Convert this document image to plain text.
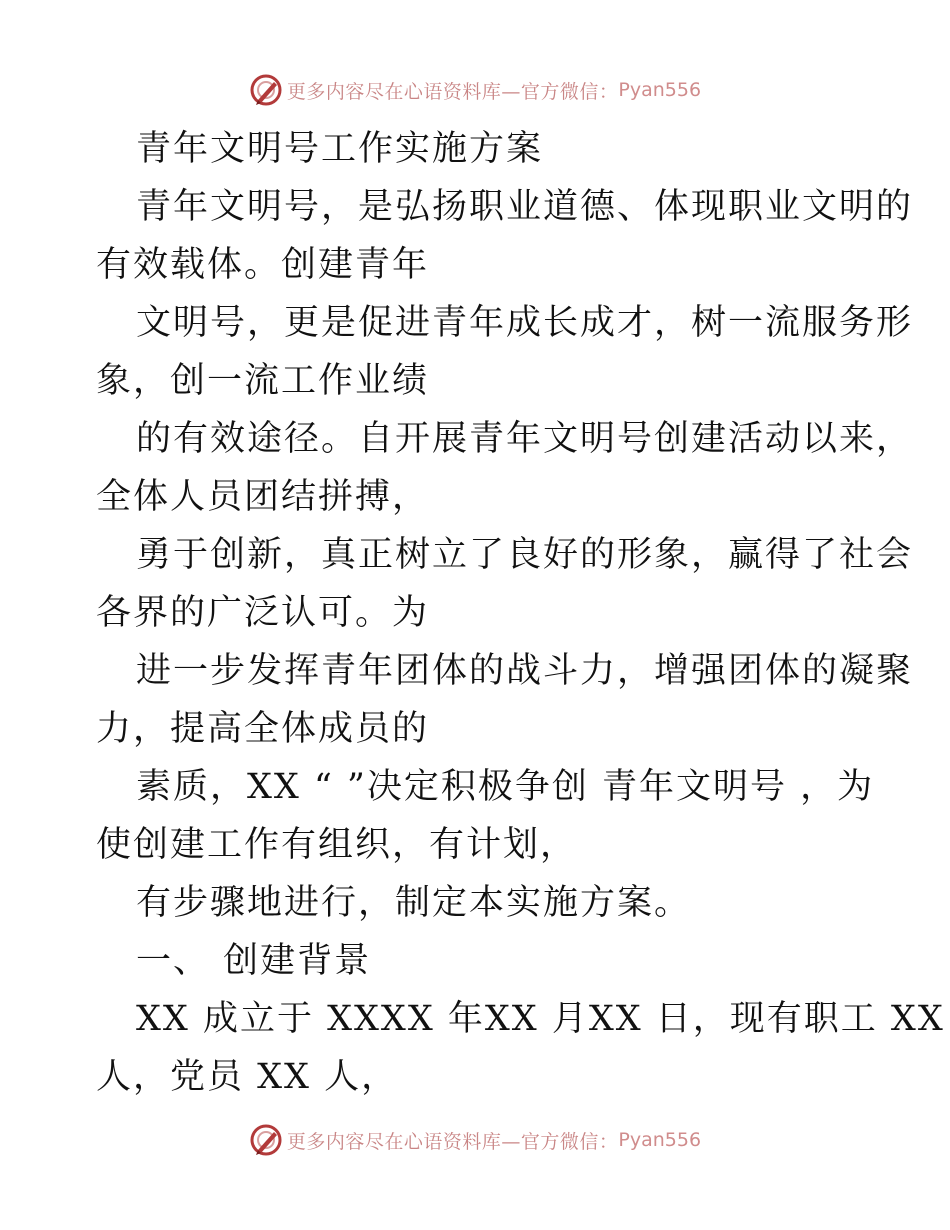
更多内容尽在心语资料库—官方微信： Pyan556
青年文明号工作实施方案
青年文明号，是弘扬职业道德、体现职业文明的
有效载体。创建青年
文明号，更是促进青年成长成才，树一流服务形
象，创一流工作业绩
的有效途径。自开展青年文明号创建活动以来，
全体人员团结拼搏，
勇于创新，真正树立了良好的形象，赢得了社会
各界的广泛认可。为
进一步发挥青年团体的战斗力，增强团体的凝聚
力，提高全体成员的
素质，XX “ ”决定积极争创 青年文明号 ，为
使创建工作有组织，有计划，
有步骤地进行，制定本实施方案。
一、 创建背景
XX 成立于 XXXX 年XX 月XX 日，现有职工 XX
人，党员 XX 人，
更多内容尽在心语资料库—官方微信： Pyan556
